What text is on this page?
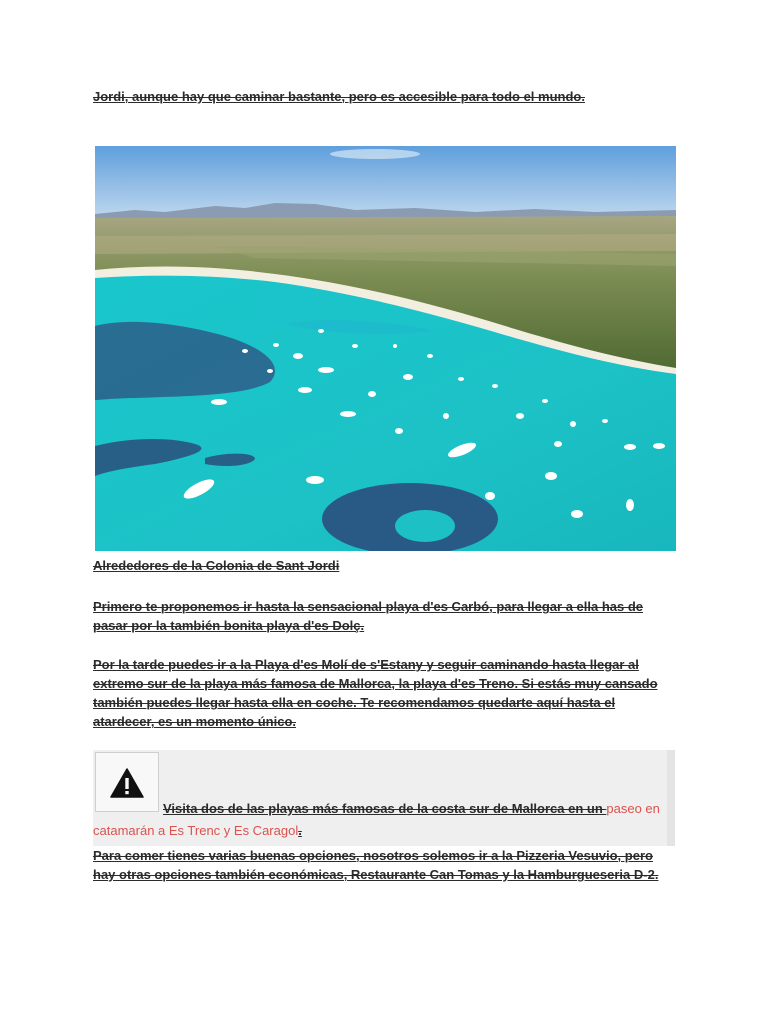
Jordi, aunque hay que caminar bastante, pero es accesible para todo el mundo.
Alrededores de la Colonia de Sant Jordi
Primero te proponemos ir hasta la sensacional playa d'es Carbó, para llegar a ella has de pasar por la también bonita playa d'es Dolç.
Por la tarde puedes ir a la Playa d'es Molí de s'Estany y seguir caminando hasta llegar al extremo sur de la playa más famosa de Mallorca, la playa d'es Treno. Si estás muy cansado también puedes llegar hasta ella en coche. Te recomendamos quedarte aquí hasta el atardecer, es un momento único.
Visita dos de las playas más famosas de la costa sur de Mallorca en un paseo en catamarán a Es Trenc y Es Caragol.
Para comer tienes varias buenas opciones, nosotros solemos ir a la Pizzeria Vesuvio, pero hay otras opciones también económicas, Restaurante Can Tomas y la Hamburgueseria D-2.
